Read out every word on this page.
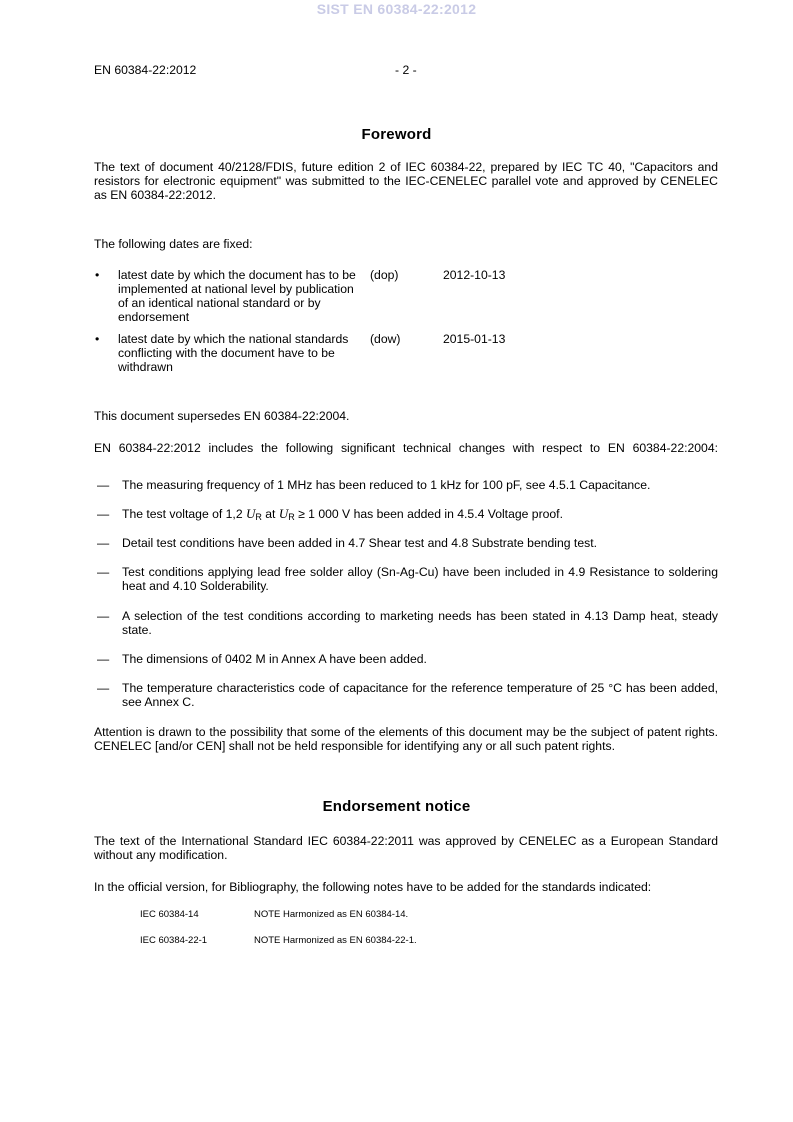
SIST EN 60384-22:2012
EN 60384-22:2012	- 2 -
Foreword
The text of document 40/2128/FDIS, future edition 2 of IEC 60384-22, prepared by IEC TC 40, "Capacitors and resistors for electronic equipment" was submitted to the IEC-CENELEC parallel vote and approved by CENELEC as EN 60384-22:2012.
The following dates are fixed:
• latest date by which the document has to be implemented at national level by publication of an identical national standard or by endorsement
(dop)	2012-10-13
• latest date by which the national standards conflicting with the document have to be withdrawn
(dow)	2015-01-13
This document supersedes EN 60384-22:2004.
EN 60384-22:2012 includes the following significant technical changes with respect to EN 60384-22:2004:
— The measuring frequency of 1 MHz has been reduced to 1 kHz for 100 pF, see 4.5.1 Capacitance.
— The test voltage of 1,2 $U_R$ at $U_R \ge 1$ 000 V has been added in 4.5.4 Voltage proof.
— Detail test conditions have been added in 4.7 Shear test and 4.8 Substrate bending test.
— Test conditions applying lead free solder alloy (Sn-Ag-Cu) have been included in 4.9 Resistance to soldering heat and 4.10 Solderability.
— A selection of the test conditions according to marketing needs has been stated in 4.13 Damp heat, steady state.
— The dimensions of 0402 M in Annex A have been added.
— The temperature characteristics code of capacitance for the reference temperature of 25 °C has been added, see Annex C.
Attention is drawn to the possibility that some of the elements of this document may be the subject of patent rights. CENELEC [and/or CEN] shall not be held responsible for identifying any or all such patent rights.
Endorsement notice
The text of the International Standard IEC 60384-22:2011 was approved by CENELEC as a European Standard without any modification.
In the official version, for Bibliography, the following notes have to be added for the standards indicated:
IEC 60384-14	NOTE Harmonized as EN 60384-14.
IEC 60384-22-1	NOTE Harmonized as EN 60384-22-1.
